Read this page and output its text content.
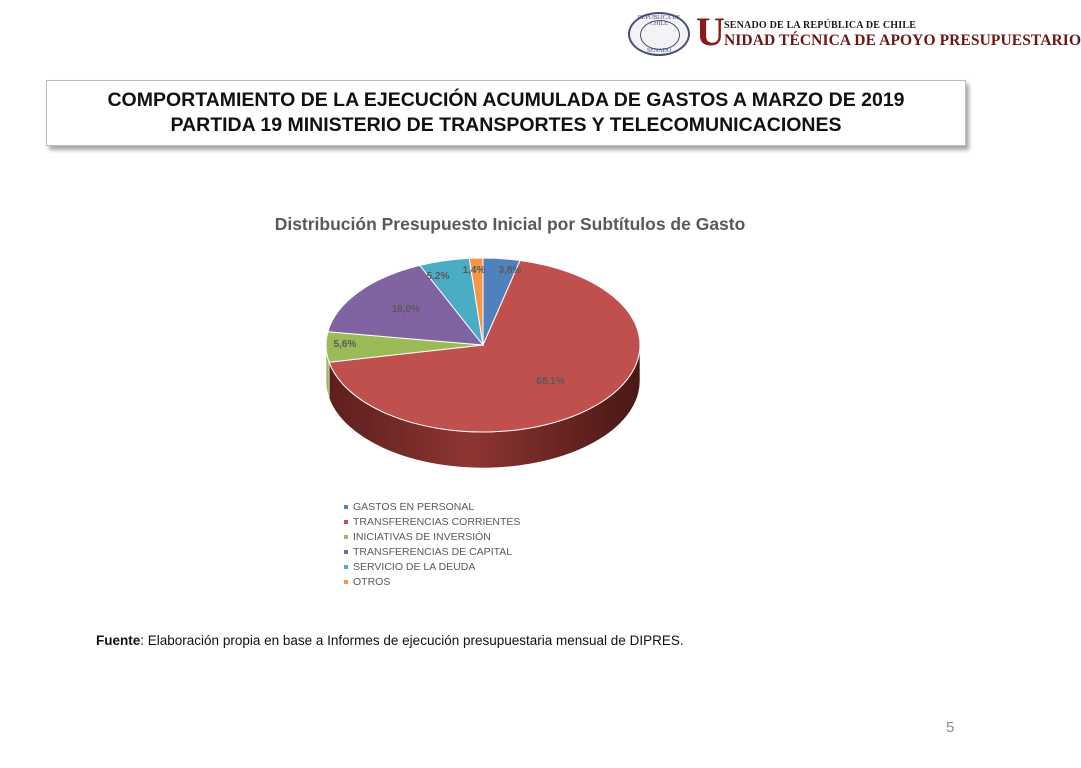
REPÚBLICA DE CHILE
SENADO U SENADO DE LA REPÚBLICA DE CHILE
NIDAD TÉCNICA DE APOYO PRESUPUESTARIO
COMPORTAMIENTO DE LA EJECUCIÓN ACUMULADA DE GASTOS A MARZO DE 2019
PARTIDA 19 MINISTERIO DE TRANSPORTES Y TELECOMUNICACIONES
Distribución Presupuesto Inicial por Subtítulos de Gasto
3,8%
68,1%
5,6%
16,0%
5,2%
1,4%
GASTOS EN PERSONAL
TRANSFERENCIAS CORRIENTES
INICIATIVAS DE INVERSIÓN
TRANSFERENCIAS DE CAPITAL
SERVICIO DE LA DEUDA
OTROS
Fuente: Elaboración propia en base a Informes de ejecución presupuestaria mensual de DIPRES.
5
